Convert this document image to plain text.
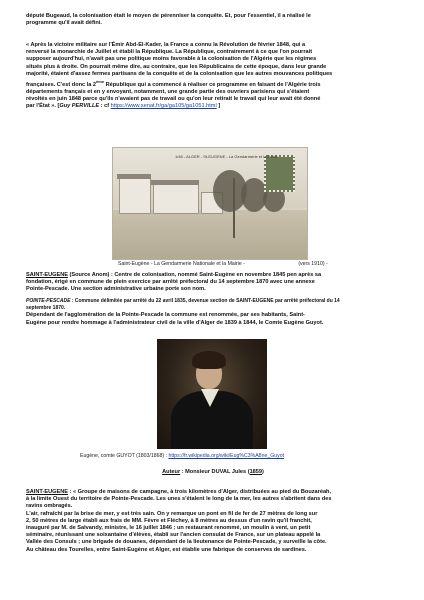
député Bugeaud, la colonisation était le moyen de pérenniser la conquête. Et, pour l'essentiel, il a réalisé le

programme qu'il avait défini.

« Après la victoire militaire sur l'Émir Abd-El-Kader, la France a connu la Révolution de février 1848, qui a

renversé la monarchie de Juillet et établi la République. La République, contrairement à ce que l'on pourrait

supposer aujourd'hui, n'avait pas une politique moins favorable à la colonisation de l'Algérie que les régimes

situés plus à droite. On pourrait même dire, au contraire, que les Républicains de cette époque, dans leur grande

majorité, étaient d'assez fermes partisans de la conquête et de la colonisation que les autres mouvances politiques

françaises. C'est donc la 2ème République qui a commencé à réaliser ce programme en faisant de l'Algérie trois

départements français et en y envoyant, notamment, une grande partie des ouvriers parisiens qui s'étaient

révoltés en juin 1848 parce qu'ils n'avaient pas de travail ou qu'on leur retirait le travail qui leur avait été donné

par l'État ». [Guy PERVILLE : cf https://www.senat.fr/ga/ga105/ga1051.html ]

1/48 - ALGER - St-EUGENE - La Gendarmerie et la Poste
Saint-Eugène - La Gendarmerie Nationale et la Mairie -	(vers 1910) -

SAINT-EUGENE (Source Anom) : Centre de colonisation, nommé Saint-Eugène en novembre 1845 pen après sa

fondation, érigé en commune de plein exercice par arrêté préfectoral du 14 septembre 1870 avec une annexe

Pointe-Pescade. Une section administrative urbaine porte son nom.

POINTE-PESCADE : Commune délimitée par arrêté du 22 avril 1835, devenue section de SAINT-EUGENE par arrêté préfectoral du 14

septembre 1870.

Dépendant de l'agglomération de la Pointe-Pescade la commune est renommée, par ses habitants, Saint-

Eugène pour rendre hommage à l'administrateur civil de la ville d'Alger de 1839 à 1844, le Comte Eugène Guyot.

Eugène, comte GUYOT (1803/1868) : https://fr.wikipedia.org/wiki/Eug%C3%A8ne_Guyot
Auteur : Monsieur DUVAL Jules (1859)

SAINT-EUGENE : « Groupe de maisons de campagne, à trois kilomètres d'Alger, distribuées au pied du Bouzaréah,

à la limite Ouest du territoire de Pointe-Pescade. Les unes s'étalent le long de la mer, les autres s'abritent dans des

ravins ombragés.

L'air, rafraîchi par la brise de mer, y est très sain. On y remarque un pont en fil de fer de 27 mètres de long sur

2, 50 mètres de large établi aux frais de MM. Fèvre et Fléchey, à 8 mètres au dessus d'un ravin qu'il franchit,

inauguré par M. de Salvandy, ministre, le 16 juillet 1846 ; un restaurant renommé, un moulin à vent, un petit

séminaire, réunissant une soixantaine d'élèves, établi sur l'ancien consulat de France, sur un plateau appelé la

Vallée des Consuls ; une brigade de douanes, dépendant de la lieutenance de Pointe-Pescade, y surveille la côte.

Au château des Tourelles, entre Saint-Eugène et Alger, est établie une fabrique de conserves de sardines.
